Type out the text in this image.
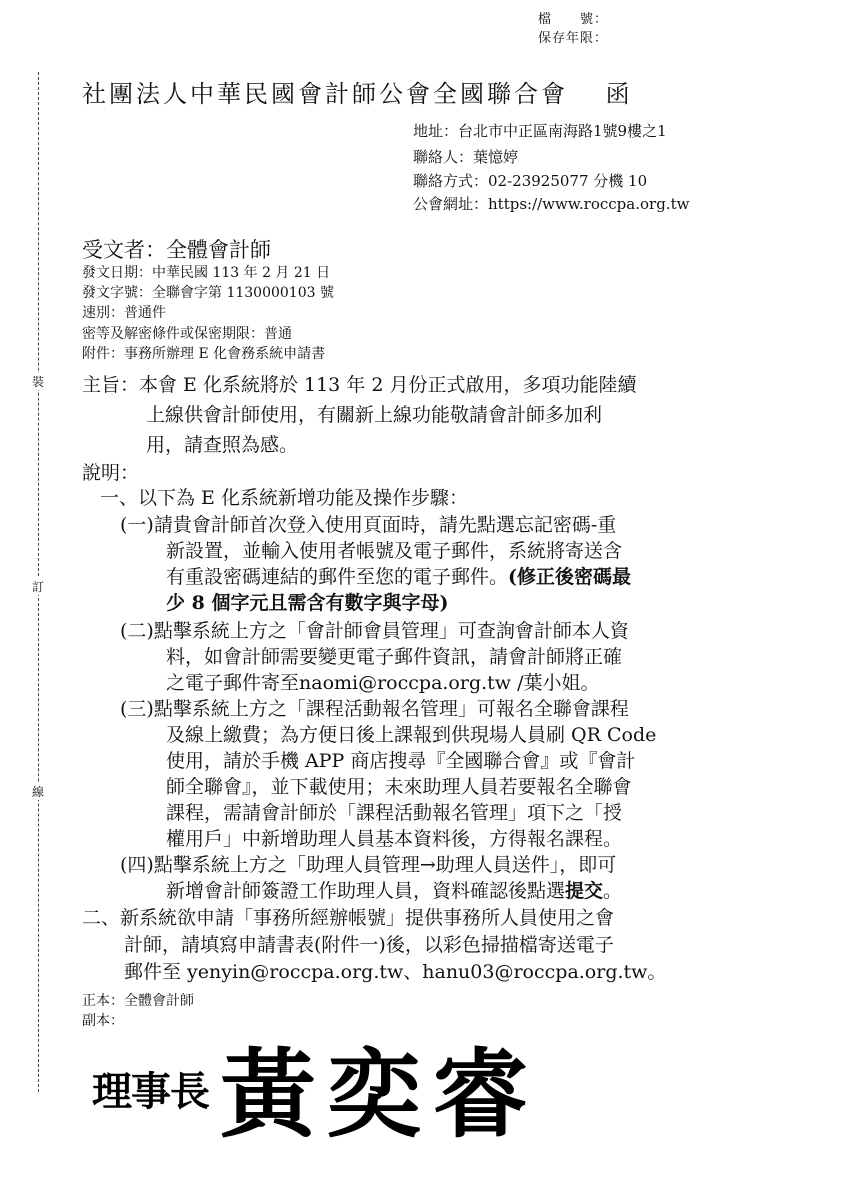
檔　　號：
保存年限：
裝
訂
線
社團法人中華民國會計師公會全國聯合會　 函
地址：台北市中正區南海路1號9樓之1
聯絡人：葉憶婷
聯絡方式：02-23925077 分機 10
公會網址：https://www.roccpa.org.tw
受文者：全體會計師
發文日期：中華民國 113 年 2 月 21 日
發文字號：全聯會字第 1130000103 號
速別：普通件
密等及解密條件或保密期限：普通
附件：事務所辦理 E 化會務系統申請書
主旨：本會 E 化系統將於 113 年 2 月份正式啟用，多項功能陸續
上線供會計師使用，有關新上線功能敬請會計師多加利
用，請查照為感。
說明：
一、以下為 E 化系統新增功能及操作步驟：
(一)請貴會計師首次登入使用頁面時，請先點選忘記密碼-重
新設置，並輸入使用者帳號及電子郵件，系統將寄送含
有重設密碼連結的郵件至您的電子郵件。(修正後密碼最
少 8 個字元且需含有數字與字母)
(二)點擊系統上方之「會計師會員管理」可查詢會計師本人資
料，如會計師需要變更電子郵件資訊，請會計師將正確
之電子郵件寄至naomi@roccpa.org.tw /葉小姐。
(三)點擊系統上方之「課程活動報名管理」可報名全聯會課程
及線上繳費；為方便日後上課報到供現場人員刷 QR Code
使用，請於手機 APP 商店搜尋『全國聯合會』或『會計
師全聯會』，並下載使用；未來助理人員若要報名全聯會
課程，需請會計師於「課程活動報名管理」項下之「授
權用戶」中新增助理人員基本資料後，方得報名課程。
(四)點擊系統上方之「助理人員管理→助理人員送件」，即可
新增會計師簽證工作助理人員，資料確認後點選提交。
二、新系統欲申請「事務所經辦帳號」提供事務所人員使用之會
計師，請填寫申請書表(附件一)後，以彩色掃描檔寄送電子
郵件至 yenyin@roccpa.org.tw、hanu03@roccpa.org.tw。
正本：全體會計師
副本：
理事長 黃奕睿
